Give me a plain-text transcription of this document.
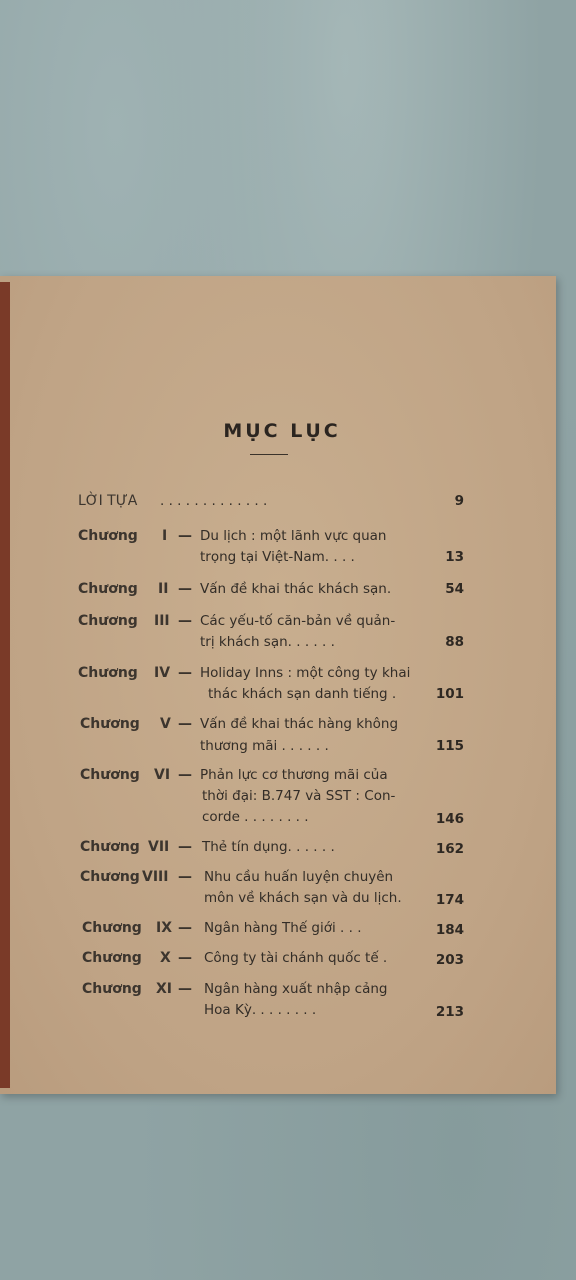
MỤC LỤC
LỜI TỰA . . . . . . . . . . . . .	9
Chương I — Du lịch : một lãnh vực quan
trọng tại Việt-Nam. . . .	13
Chương II — Vấn đề khai thác khách sạn.	54
Chương III — Các yếu-tố căn-bản về quản-
trị khách sạn. . . . . .	88
Chương IV — Holiday Inns : một công ty khai
thác khách sạn danh tiếng .	101
Chương V — Vấn đề khai thác hàng không
thương mãi . . . . . .	115
Chương VI — Phản lực cơ thương mãi của
thời đại: B.747 và SST : Con-
corde . . . . . . . .	146
Chương VII — Thẻ tín dụng. . . . . .	162
Chương VIII — Nhu cầu huấn luyện chuyên
môn về khách sạn và du lịch.	174
Chương IX — Ngân hàng Thế giới . . .	184
Chương X — Công ty tài chánh quốc tế .	203
Chương XI — Ngân hàng xuất nhập cảng
Hoa Kỳ. . . . . . . .	213
